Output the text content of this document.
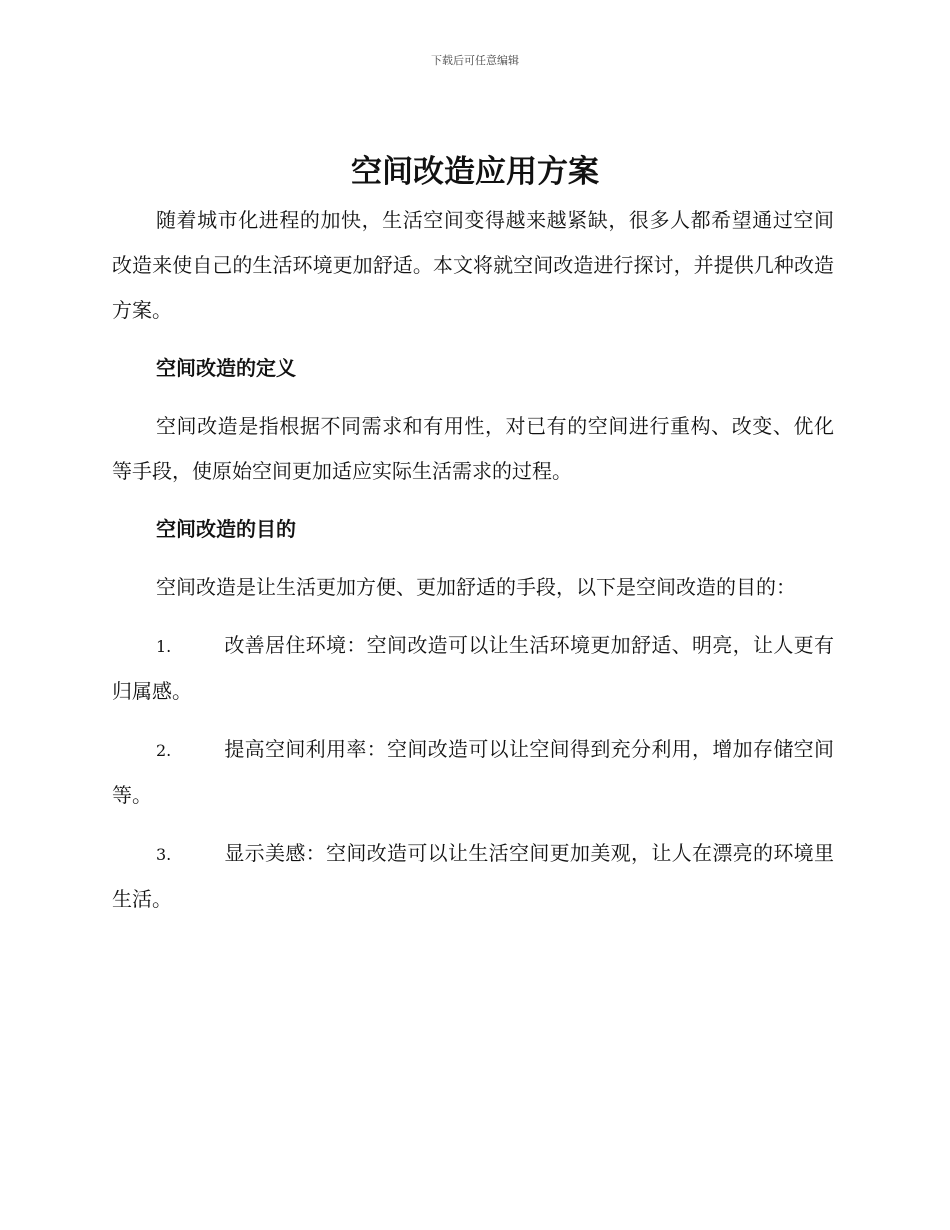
下载后可任意编辑
空间改造应用方案

随着城市化进程的加快，生活空间变得越来越紧缺，很多人都希望通过空间改造来使自己的生活环境更加舒适。本文将就空间改造进行探讨，并提供几种改造方案。

空间改造的定义

空间改造是指根据不同需求和有用性，对已有的空间进行重构、改变、优化等手段，使原始空间更加适应实际生活需求的过程。

空间改造的目的

空间改造是让生活更加方便、更加舒适的手段，以下是空间改造的目的：

1.	改善居住环境：空间改造可以让生活环境更加舒适、明亮，让人更有归属感。

2.	提高空间利用率：空间改造可以让空间得到充分利用，增加存储空间等。

3.	显示美感：空间改造可以让生活空间更加美观，让人在漂亮的环境里生活。
